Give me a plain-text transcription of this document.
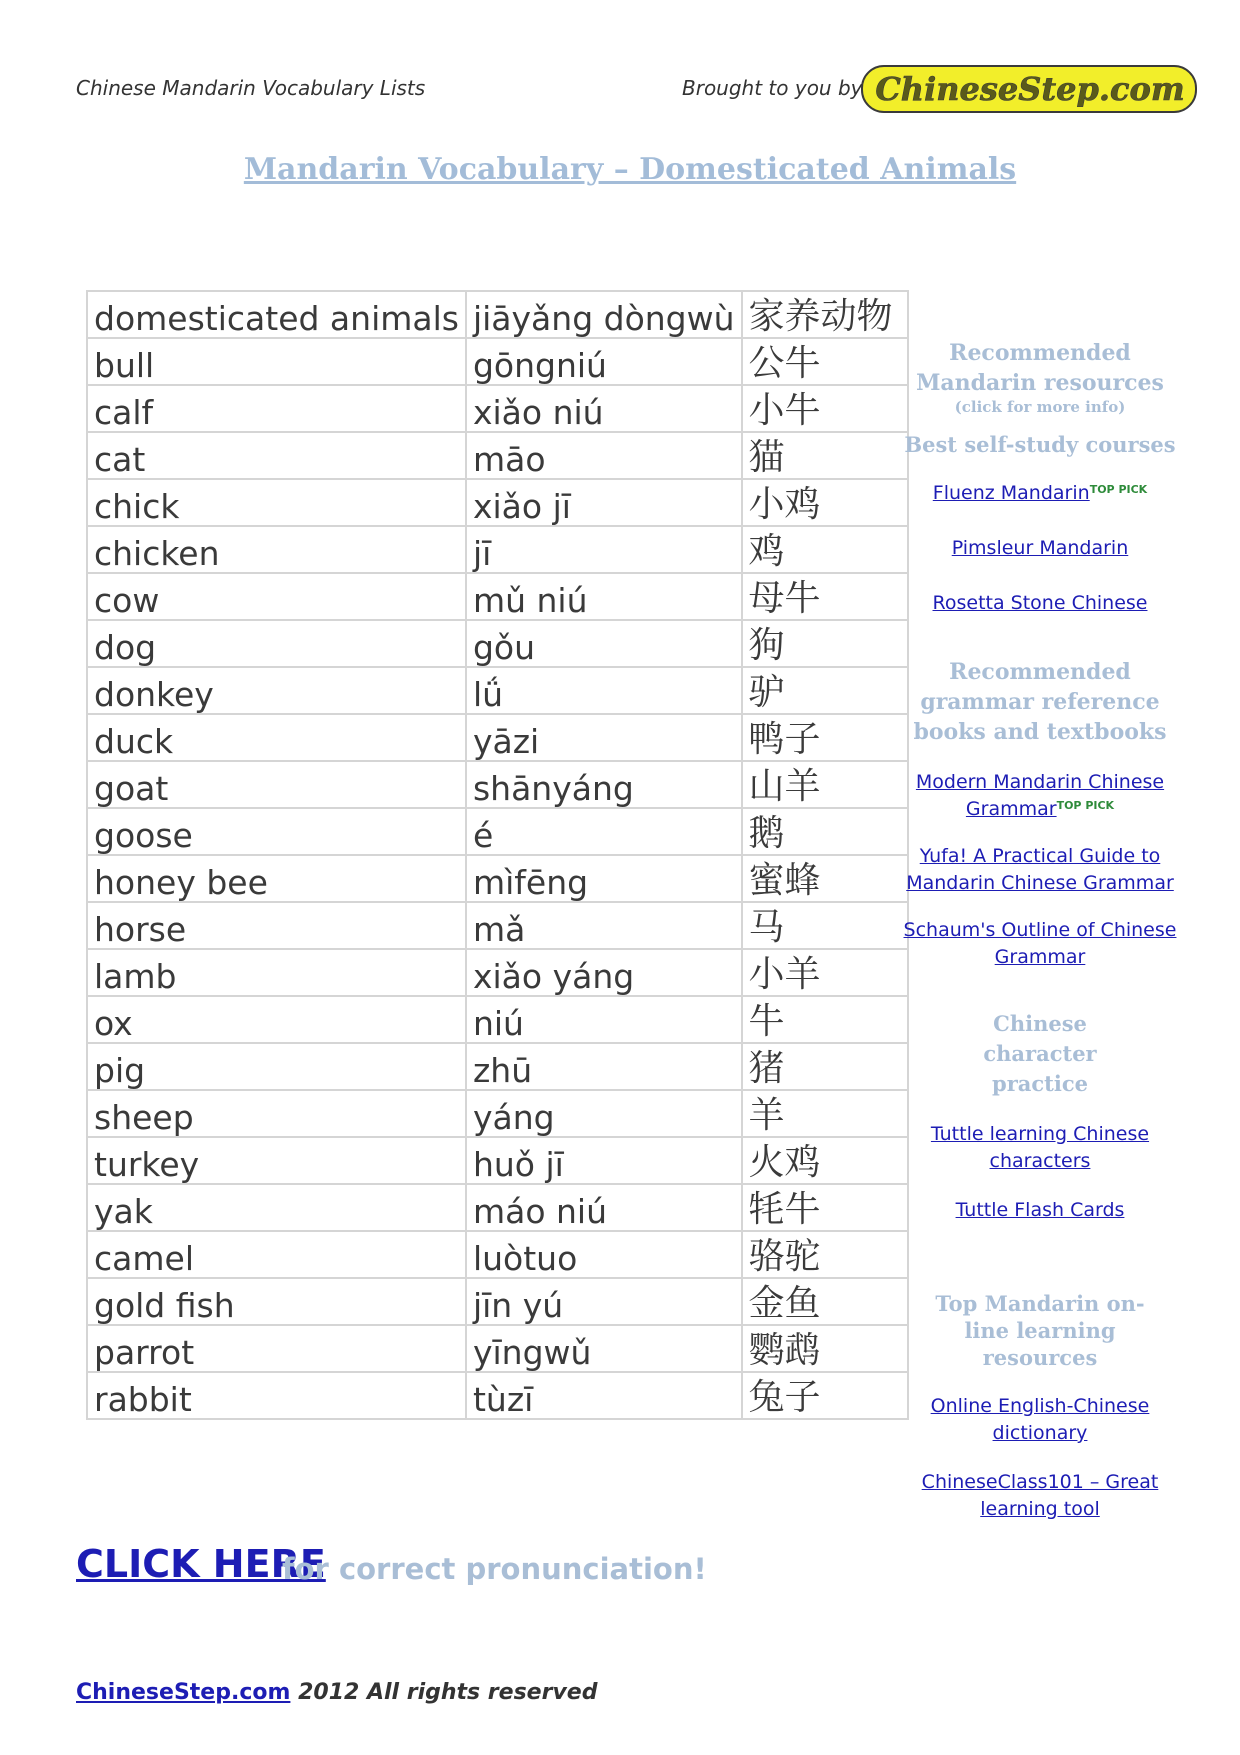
Chinese Mandarin Vocabulary Lists	Brought to you by ChineseStep.com
Mandarin Vocabulary – Domesticated Animals
domesticated animals	jiāyǎng dòngwù	家养动物
bull	gōngniú	公牛
calf	xiǎo niú	小牛
cat	māo	猫
chick	xiǎo jī	小鸡
chicken	jī	鸡
cow	mǔ niú	母牛
dog	gǒu	狗
donkey	lǘ	驴
duck	yāzi	鸭子
goat	shānyáng	山羊
goose	é	鹅
honey bee	mìfēng	蜜蜂
horse	mǎ	马
lamb	xiǎo yáng	小羊
ox	niú	牛
pig	zhū	猪
sheep	yáng	羊
turkey	huǒ jī	火鸡
yak	máo niú	牦牛
camel	luòtuo	骆驼
gold fish	jīn yú	金鱼
parrot	yīngwǔ	鹦鹉
rabbit	tùzī	兔子
Recommended Mandarin resources
(click for more info)
Best self-study courses
Fluenz MandarinTOP PICK
Pimsleur Mandarin
Rosetta Stone Chinese
Recommended grammar reference books and textbooks
Modern Mandarin Chinese GrammarTOP PICK
Yufa! A Practical Guide to Mandarin Chinese Grammar
Schaum's Outline of Chinese Grammar
Chinese character practice
Tuttle learning Chinese characters
Tuttle Flash Cards
Top Mandarin on-line learning resources
Online English-Chinese dictionary
ChineseClass101 – Great learning tool
CLICK HERE
for correct pronunciation!
ChineseStep.com 2012 All rights reserved
